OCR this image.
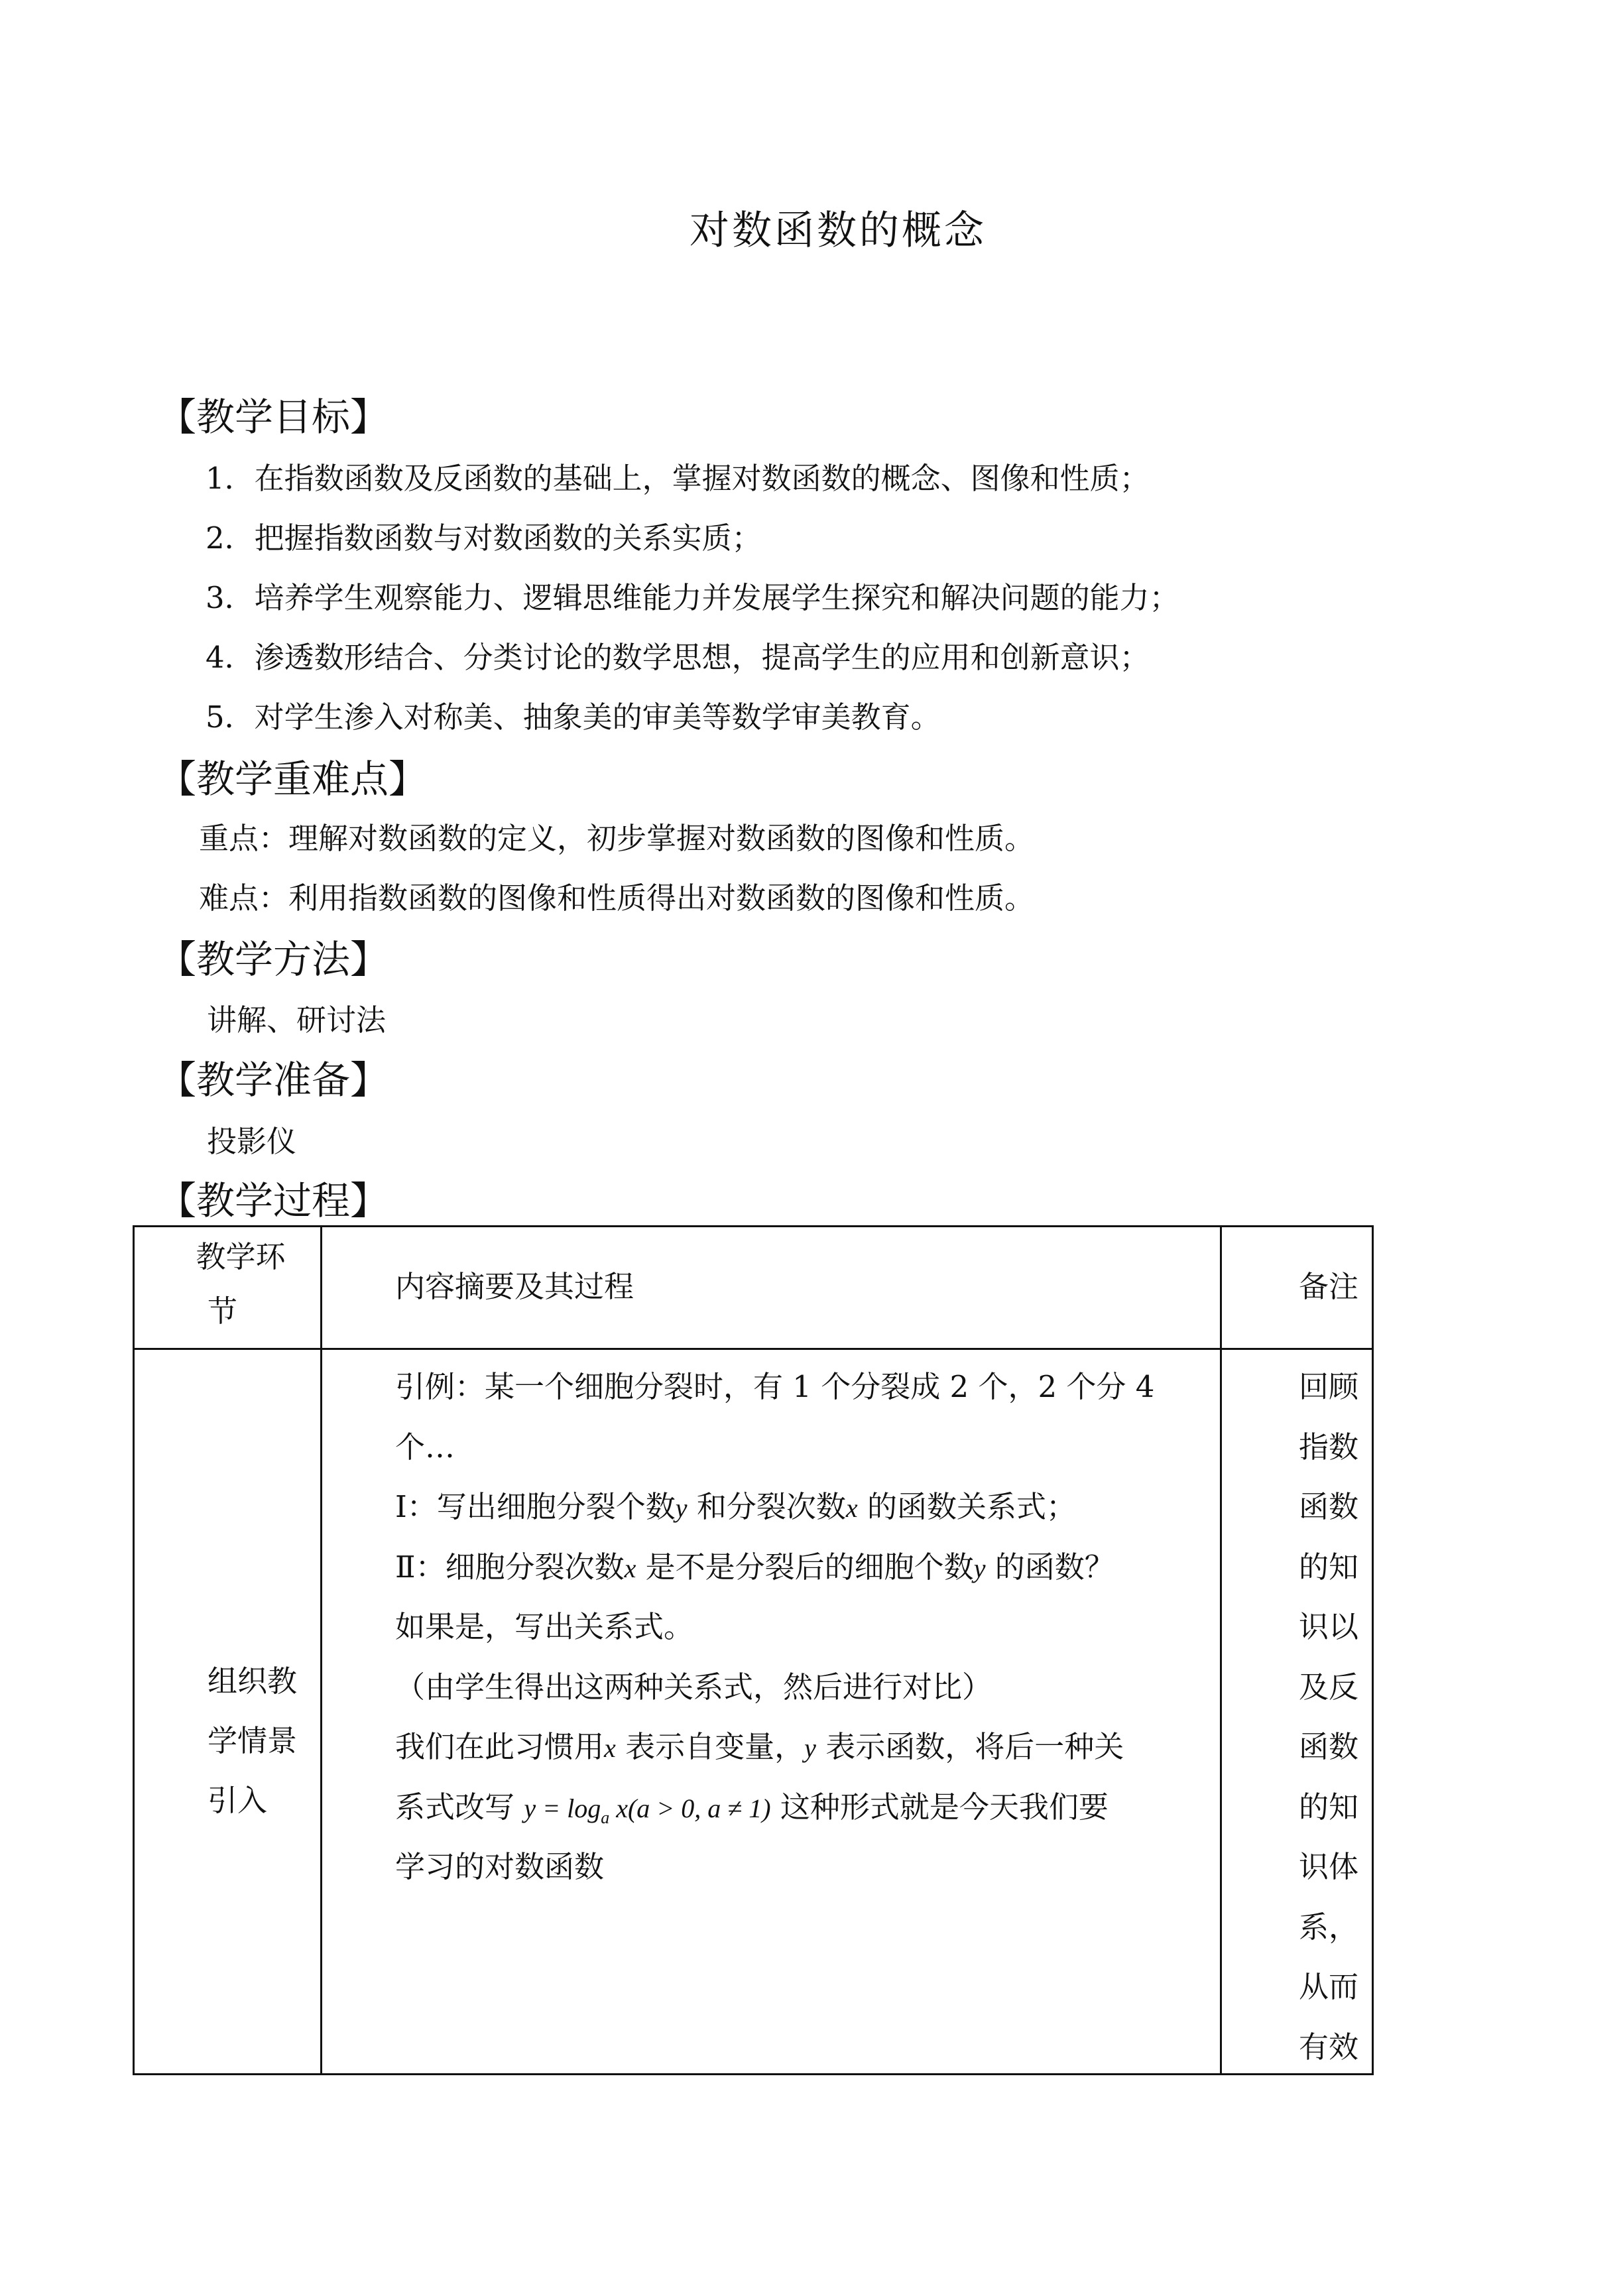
对数函数的概念
【教学目标】
1．在指数函数及反函数的基础上，掌握对数函数的概念、图像和性质；
2．把握指数函数与对数函数的关系实质；
3．培养学生观察能力、逻辑思维能力并发展学生探究和解决问题的能力；
4．渗透数形结合、分类讨论的数学思想，提高学生的应用和创新意识；
5．对学生渗入对称美、抽象美的审美等数学审美教育。
【教学重难点】
重点：理解对数函数的定义，初步掌握对数函数的图像和性质。
难点：利用指数函数的图像和性质得出对数函数的图像和性质。
【教学方法】
讲解、研讨法
【教学准备】
投影仪
【教学过程】
教学环
节
内容摘要及其过程	备注
组织教
学情景
引入
引例：某一个细胞分裂时，有 1 个分裂成 2 个，2 个分 4
个…
Ⅰ：写出细胞分裂个数y 和分裂次数x 的函数关系式；
Ⅱ：细胞分裂次数x 是不是分裂后的细胞个数y 的函数？
如果是，写出关系式。
（由学生得出这两种关系式，然后进行对比）
我们在此习惯用x 表示自变量，y 表示函数，将后一种关
系式改写 $y = \log_a x(a > 0$, a ≠ 1) 这种形式就是今天我们要
学习的对数函数
回顾
指数
函数
的知
识以
及反
函数
的知
识体
系，
从而
有效
